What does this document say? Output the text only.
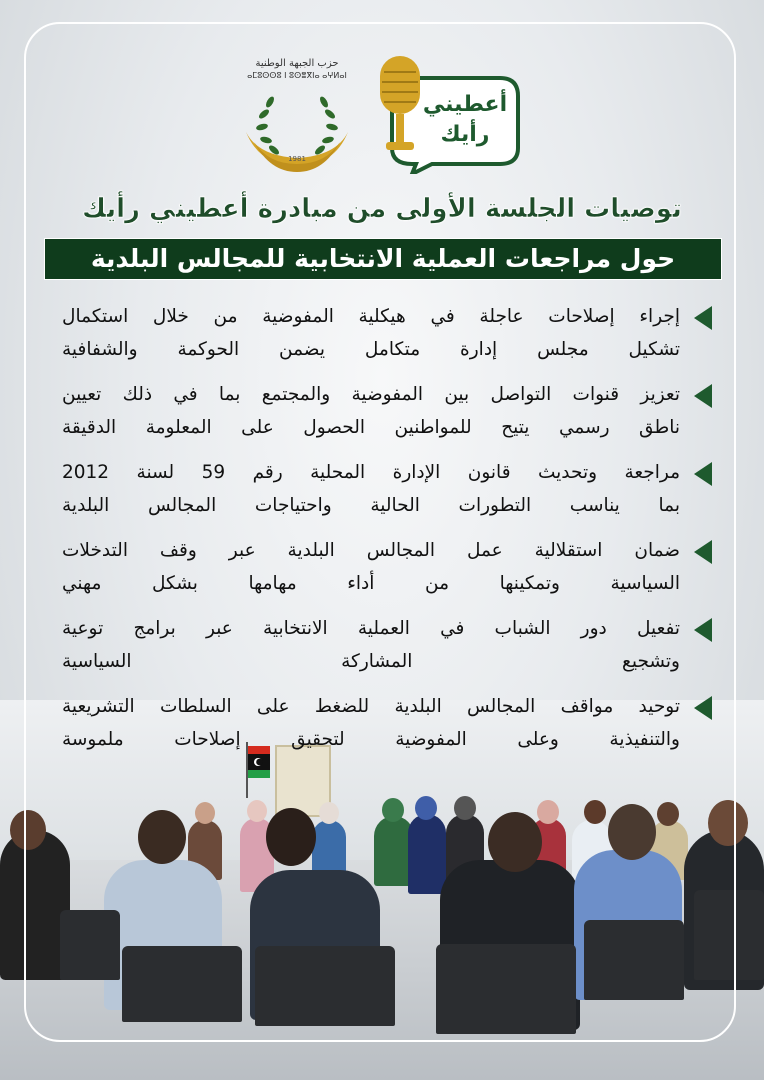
حزب الجبهة الوطنية
ⴰⵎⵓⵙⵙⵓ ⵏ ⵓⵙⴻⴳⵏⴰ ⴰⵖⵍⴰⵏ
1981
أعطيني رأيك
توصيات الجلسة الأولى من مبادرة أعطيني رأيك
حول مراجعات العملية الانتخابية للمجالس البلدية
إجراء إصلاحات عاجلة في هيكلية المفوضية من خلال استكمال
تشكيل مجلس إدارة متكامل يضمن الحوكمة والشفافية
تعزيز قنوات التواصل بين المفوضية والمجتمع بما في ذلك تعيين
ناطق رسمي يتيح للمواطنين الحصول على المعلومة الدقيقة
مراجعة وتحديث قانون الإدارة المحلية رقم 59 لسنة 2012
بما يناسب التطورات الحالية واحتياجات المجالس البلدية
ضمان استقلالية عمل المجالس البلدية عبر وقف التدخلات
السياسية وتمكينها من أداء مهامها بشكل مهني
تفعيل دور الشباب في العملية الانتخابية عبر برامج توعية
وتشجيع المشاركة السياسية
توحيد مواقف المجالس البلدية للضغط على السلطات التشريعية
والتنفيذية وعلى المفوضية لتحقيق إصلاحات ملموسة
